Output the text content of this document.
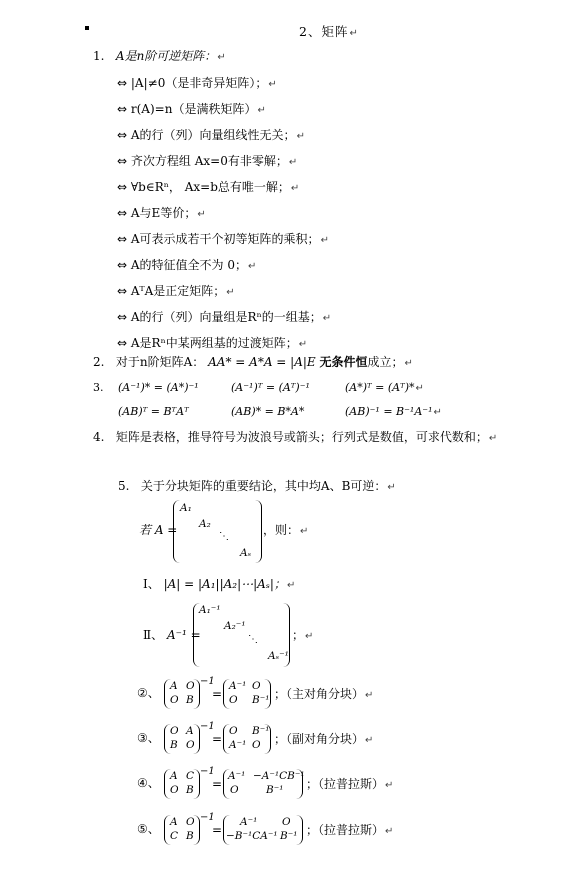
2、矩阵↵
1. A是n阶可逆矩阵：↵
⇔ |A|≠0（是非奇异矩阵）；↵
⇔ r(A)=n（是满秩矩阵）↵
⇔ A的行（列）向量组线性无关；↵
⇔ 齐次方程组 Ax=0有非零解；↵
⇔ ∀b∈Rⁿ， Ax=b总有唯一解；↵
⇔ A与E等价；↵
⇔ A可表示成若干个初等矩阵的乘积；↵
⇔ A的特征值全不为 0；↵
⇔ AᵀA是正定矩阵；↵
⇔ A的行（列）向量组是Rⁿ的一组基；↵
⇔ A是Rⁿ中某两组基的过渡矩阵；↵
2. 对于n阶矩阵A： AA* = A*A = |A|E 无条件恒成立；↵
3. (A⁻¹)* = (A*)⁻¹	(A⁻¹)ᵀ = (Aᵀ)⁻¹	(A*)ᵀ = (Aᵀ)*↵
(AB)ᵀ = BᵀAᵀ	(AB)* = B*A*	(AB)⁻¹ = B⁻¹A⁻¹↵
4. 矩阵是表格，推导符号为波浪号或箭头；行列式是数值，可求代数和；↵
5. 关于分块矩阵的重要结论，其中均A、B可逆：↵
若 A =
A₁
A₂
⋱
Aₛ
，则：↵
Ⅰ、 |A| = |A₁||A₂|⋯|Aₛ|；↵
Ⅱ、 A⁻¹ =
A₁⁻¹
A₂⁻¹
⋱
Aₛ⁻¹
；↵
②、 A O
O B
−1
=
A⁻¹ O
O B⁻¹ ；（主对角分块）↵
③、 O A
B O
−1
=
O B⁻¹
A⁻¹ O ；（副对角分块）↵
④、 A C
O B
−1
=
A⁻¹ −A⁻¹CB⁻¹
O	B⁻¹ ；（拉普拉斯）↵
⑤、 A O
C B
−1
=
A⁻¹ O
−B⁻¹CA⁻¹ B⁻¹ ；（拉普拉斯）↵
